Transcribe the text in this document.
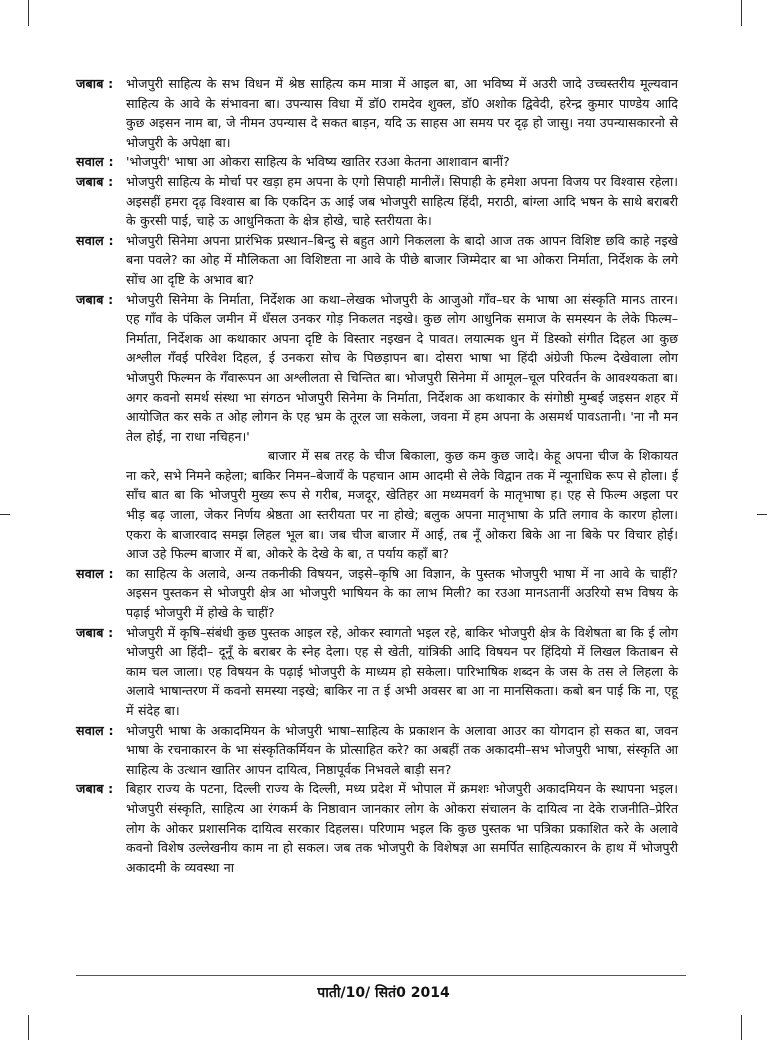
जबाब : भोजपुरी साहित्य के सभ विधन में श्रेष्ठ साहित्य कम मात्रा में आइल बा, आ भविष्य में अउरी जादे उच्चस्तरीय मूल्यवान साहित्य के आवे के संभावना बा। उपन्यास विधा में डॉ0 रामदेव शुक्ल, डॉ0 अशोक द्विवेदी, हरेन्द्र कुमार पाण्डेय आदि कुछ अइसन नाम बा, जे नीमन उपन्यास दे सकत बाड़न, यदि ऊ साहस आ समय पर दृढ़ हो जासु। नया उपन्यासकारनो से भोजपुरी के अपेक्षा बा।

सवाल : 'भोजपुरी' भाषा आ ओकरा साहित्य के भविष्य खातिर रउआ केतना आशावान बानीं?

जबाब : भोजपुरी साहित्य के मोर्चा पर खड़ा हम अपना के एगो सिपाही मानीलें। सिपाही के हमेशा अपना विजय पर विश्वास रहेला। अइसहीं हमरा दृढ़ विश्वास बा कि एकदिन ऊ आई जब भोजपुरी साहित्य हिंदी, मराठी, बांग्ला आदि भषन के साथे बराबरी के कुरसी पाई, चाहे ऊ आधुनिकता के क्षेत्र होखे, चाहे स्तरीयता के।

सवाल : भोजपुरी सिनेमा अपना प्रारंभिक प्रस्थान–बिन्दु से बहुत आगे निकलला के बादो आज तक आपन विशिष्ट छवि काहे नइखे बना पवले? का ओह में मौलिकता आ विशिष्टता ना आवे के पीछे बाजार जिम्मेदार बा भा ओकरा निर्माता, निर्देशक के लगे सोंच आ दृष्टि के अभाव बा?

जबाब : भोजपुरी सिनेमा के निर्माता, निर्देशक आ कथा–लेखक भोजपुरी के आजुओ गाँव–घर के भाषा आ संस्कृति मानऽ तारन। एह गाँव के पंकिल जमीन में धँसल उनकर गोड़ निकलत नइखे। कुछ लोग आधुनिक समाज के समस्यन के लेके फिल्म–निर्माता, निर्देशक आ कथाकार अपना दृष्टि के विस्तार नइखन दे पावत। लयात्मक धुन में डिस्को संगीत दिहल आ कुछ अश्लील गँवई परिवेश दिहल, ई उनकरा सोच के पिछड़ापन बा। दोसरा भाषा भा हिंदी अंग्रेजी फिल्म देखेवाला लोग भोजपुरी फिल्मन के गँवारूपन आ अश्लीलता से चिन्तित बा। भोजपुरी सिनेमा में आमूल–चूल परिवर्तन के आवश्यकता बा। अगर कवनो समर्थ संस्था भा संगठन भोजपुरी सिनेमा के निर्माता, निर्देशक आ कथाकार के संगोष्ठी मुम्बई जइसन शहर में आयोजित कर सके त ओह लोगन के एह भ्रम के तूरल जा सकेला, जवना में हम अपना के असमर्थ पावऽतानी। 'ना नौ मन तेल होई, ना राधा नचिहन।'

बाजार में सब तरह के चीज बिकाला, कुछ कम कुछ जादे। केहू अपना चीज के शिकायत ना करे, सभे निमने कहेला; बाकिर निमन–बेजायँ के पहचान आम आदमी से लेके विद्वान तक में न्यूनाधिक रूप से होला। ई साँच बात बा कि भोजपुरी मुख्य रूप से गरीब, मजदूर, खेतिहर आ मध्यमवर्ग के मातृभाषा ह। एह से फिल्म अइला पर भीड़ बढ़ जाला, जेकर निर्णय श्रेष्ठता आ स्तरीयता पर ना होखे; बलुक अपना मातृभाषा के प्रति लगाव के कारण होला। एकरा के बाजारवाद समझ लिहल भूल बा। जब चीज बाजार में आई, तब नूँ ओकरा बिके आ ना बिके पर विचार होई। आज उहे फिल्म बाजार में बा, ओकरे के देखे के बा, त पर्याय कहाँ बा?

सवाल : का साहित्य के अलावे, अन्य तकनीकी विषयन, जइसे–कृषि आ विज्ञान, के पुस्तक भोजपुरी भाषा में ना आवे के चाहीं? अइसन पुस्तकन से भोजपुरी क्षेत्र आ भोजपुरी भाषियन के का लाभ मिली? का रउआ मानऽतानीं अउरियो सभ विषय के पढ़ाई भोजपुरी में होखे के चाहीं?

जबाब : भोजपुरी में कृषि–संबंधी कुछ पुस्तक आइल रहे, ओकर स्वागतो भइल रहे, बाकिर भोजपुरी क्षेत्र के विशेषता बा कि ई लोग भोजपुरी आ हिंदी– दूनूँ के बराबर के स्नेह देला। एह से खेती, यांत्रिकी आदि विषयन पर हिंदियो में लिखल किताबन से काम चल जाला। एह विषयन के पढ़ाई भोजपुरी के माध्यम हो सकेला। पारिभाषिक शब्दन के जस के तस ले लिहला के अलावे भाषान्तरण में कवनो समस्या नइखे; बाकिर ना त ई अभी अवसर बा आ ना मानसिकता। कबो बन पाई कि ना, एहू में संदेह बा।

सवाल : भोजपुरी भाषा के अकादमियन के भोजपुरी भाषा–साहित्य के प्रकाशन के अलावा आउर का योगदान हो सकत बा, जवन भाषा के रचनाकारन के भा संस्कृतिकर्मियन के प्रोत्साहित करे? का अबहीं तक अकादमी–सभ भोजपुरी भाषा, संस्कृति आ साहित्य के उत्थान खातिर आपन दायित्व, निष्ठापूर्वक निभवले बाड़ी सन?

जबाब : बिहार राज्य के पटना, दिल्ली राज्य के दिल्ली, मध्य प्रदेश में भोपाल में क्रमशः भोजपुरी अकादमियन के स्थापना भइल। भोजपुरी संस्कृति, साहित्य आ रंगकर्म के निष्ठावान जानकार लोग के ओकरा संचालन के दायित्व ना देके राजनीति–प्रेरित लोग के ओकर प्रशासनिक दायित्व सरकार दिहलस। परिणाम भइल कि कुछ पुस्तक भा पत्रिका प्रकाशित करे के अलावे कवनो विशेष उल्लेखनीय काम ना हो सकल। जब तक भोजपुरी के विशेषज्ञ आ समर्पित साहित्यकारन के हाथ में भोजपुरी अकादमी के व्यवस्था ना

पाती/10/ सितं0 2014
